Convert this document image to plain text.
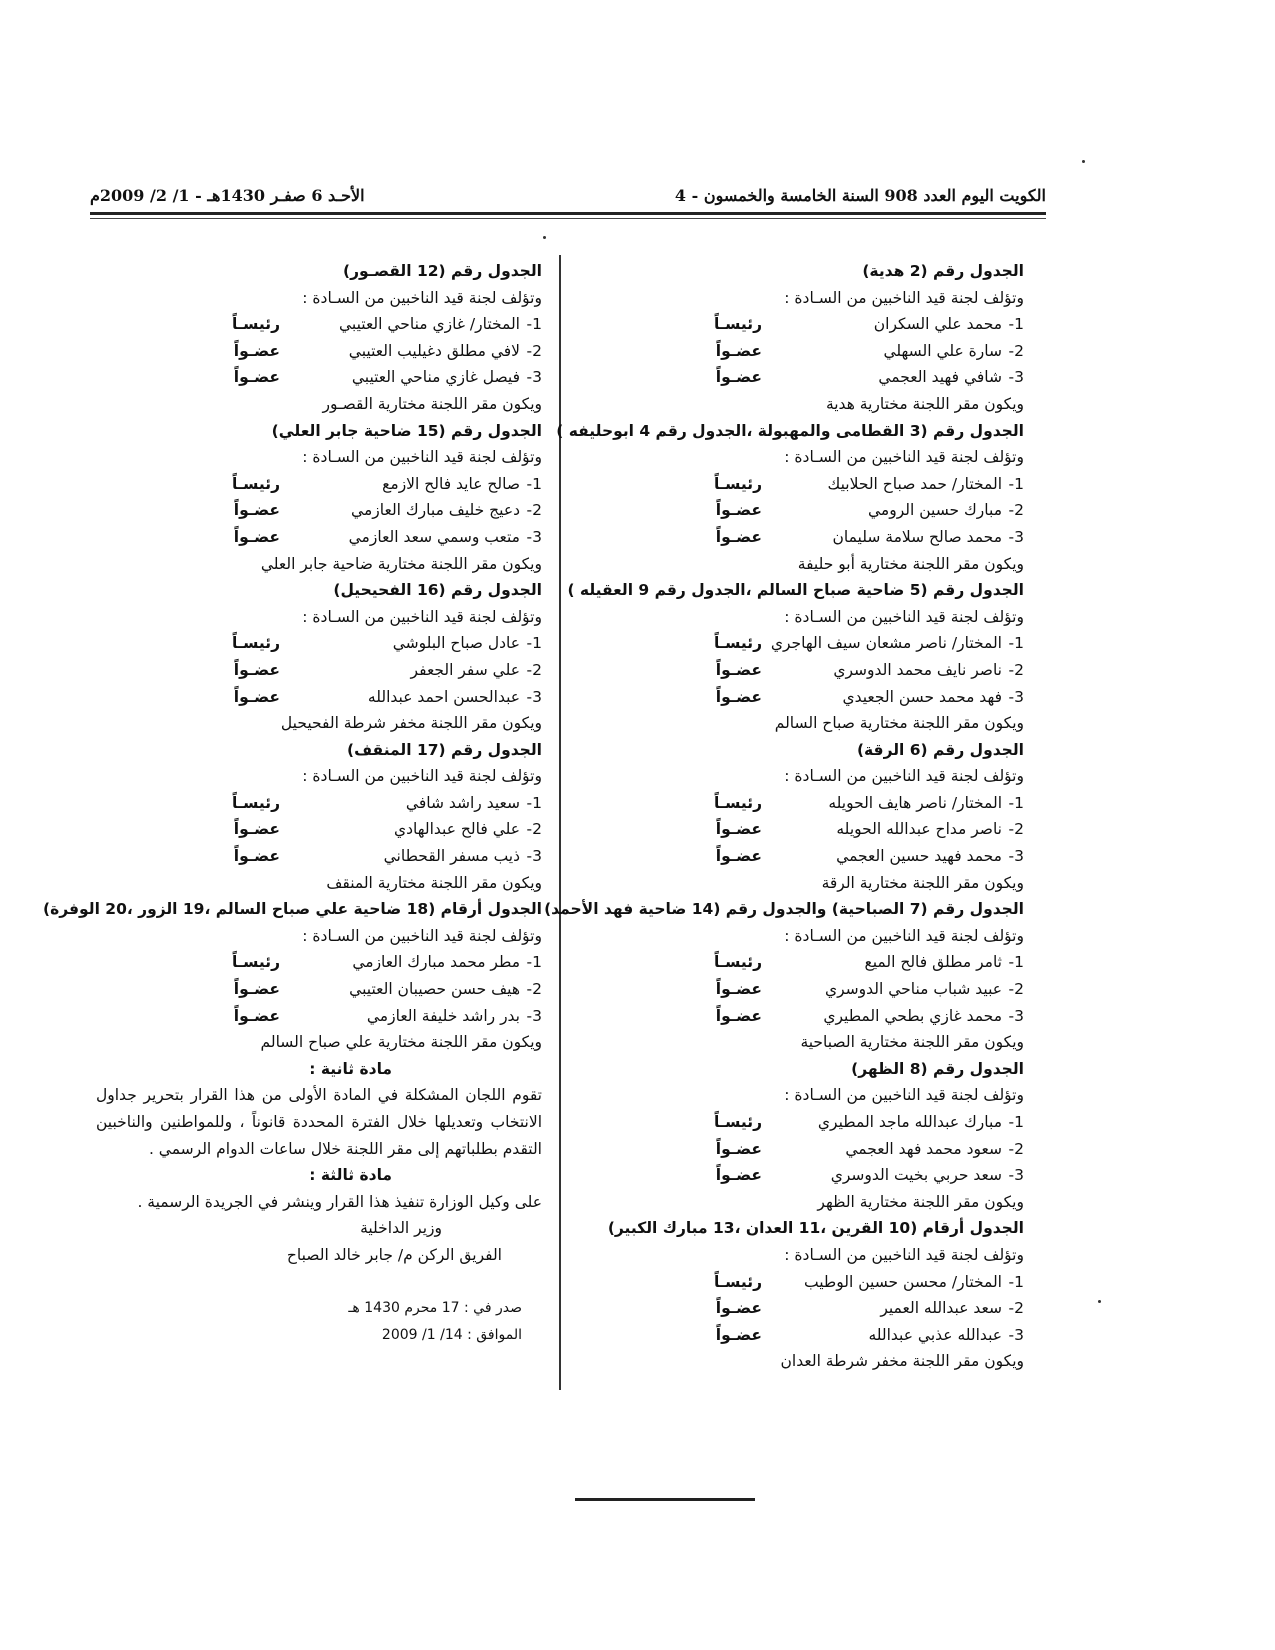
الكويت اليوم العدد 908 السنة الخامسة والخمسون - 4
الأحـد 6 صفـر 1430هـ - 1/ 2/ 2009م
الجدول رقم (2 هدية)
وتؤلف لجنة قيد الناخبين من السـادة :
1-
محمد علي السكران
رئيسـاً
2-
سارة علي السهلي
عضـواً
3-
شافي فهيد العجمي
عضـواً
ويكون مقر اللجنة مختارية هدية
الجدول رقم (3 القطامى والمهبولة ،الجدول رقم 4 ابوحليفه )
وتؤلف لجنة قيد الناخبين من السـادة :
1-
المختار/ حمد صباح الحلابيك
رئيسـاً
2-
مبارك حسين الرومي
عضـواً
3-
محمد صالح سلامة سليمان
عضـواً
ويكون مقر اللجنة مختارية أبو حليفة
الجدول رقم (5 ضاحية صباح السالم ،الجدول رقم 9 العقيله )
وتؤلف لجنة قيد الناخبين من السـادة :
1-
المختار/ ناصر مشعان سيف الهاجري
رئيسـاً
2-
ناصر نايف محمد الدوسري
عضـواً
3-
فهد محمد حسن الجعيدي
عضـواً
ويكون مقر اللجنة مختارية صباح السالم
الجدول رقم (6 الرقة)
وتؤلف لجنة قيد الناخبين من السـادة :
1-
المختار/ ناصر هايف الحويله
رئيسـاً
2-
ناصر مداح عبدالله الحويله
عضـواً
3-
محمد فهيد حسين العجمي
عضـواً
ويكون مقر اللجنة مختارية الرقة
الجدول رقم (7 الصباحية) والجدول رقم (14 ضاحية فهد الأحمد)
وتؤلف لجنة قيد الناخبين من السـادة :
1-
ثامر مطلق فالح الميع
رئيسـاً
2-
عبيد شباب مناحي الدوسري
عضـواً
3-
محمد غازي بطحي المطيري
عضـواً
ويكون مقر اللجنة مختارية الصباحية
الجدول رقم (8 الظهر)
وتؤلف لجنة قيد الناخبين من السـادة :
1-
مبارك عبدالله ماجد المطيري
رئيسـاً
2-
سعود محمد فهد العجمي
عضـواً
3-
سعد حربي بخيت الدوسري
عضـواً
ويكون مقر اللجنة مختارية الظهر
الجدول أرقام (10 القرين ،11 العدان ،13 مبارك الكبير)
وتؤلف لجنة قيد الناخبين من السـادة :
1-
المختار/ محسن حسين الوطيب
رئيسـاً
2-
سعد عبدالله العمير
عضـواً
3-
عبدالله عذبي عبدالله
عضـواً
ويكون مقر اللجنة مخفر شرطة العدان
الجدول رقم (12 القصـور)
وتؤلف لجنة قيد الناخبين من السـادة :
1-
المختار/ غازي مناحي العتيبي
رئيسـاً
2-
لافي مطلق دغيليب العتيبي
عضـواً
3-
فيصل غازي مناحي العتيبي
عضـواً
ويكون مقر اللجنة مختارية القصـور
الجدول رقم (15 ضاحية جابر العلي)
وتؤلف لجنة قيد الناخبين من السـادة :
1-
صالح عايد فالح الازمع
رئيسـاً
2-
دعيج خليف مبارك العازمي
عضـواً
3-
متعب وسمي سعد العازمي
عضـواً
ويكون مقر اللجنة مختارية ضاحية جابر العلي
الجدول رقم (16 الفحيحيل)
وتؤلف لجنة قيد الناخبين من السـادة :
1-
عادل صباح البلوشي
رئيسـاً
2-
علي سفر الجعفر
عضـواً
3-
عبدالحسن احمد عبدالله
عضـواً
ويكون مقر اللجنة مخفر شرطة الفحيحيل
الجدول رقم (17 المنقف)
وتؤلف لجنة قيد الناخبين من السـادة :
1-
سعيد راشد شافي
رئيسـاً
2-
علي فالح عبدالهادي
عضـواً
3-
ذيب مسفر القحطاني
عضـواً
ويكون مقر اللجنة مختارية المنقف
الجدول أرقام (18 ضاحية علي صباح السالم ،19 الزور ،20 الوفرة)
وتؤلف لجنة قيد الناخبين من السـادة :
1-
مطر محمد مبارك العازمي
رئيسـاً
2-
هيف حسن حصيبان العتيبي
عضـواً
3-
بدر راشد خليفة العازمي
عضـواً
ويكون مقر اللجنة مختارية علي صباح السالم
مادة ثانية :
تقوم اللجان المشكلة في المادة الأولى من هذا القرار بتحرير جداول الانتخاب وتعديلها خلال الفترة المحددة قانوناً ، وللمواطنين والناخبين التقدم بطلباتهم إلى مقر اللجنة خلال ساعات الدوام الرسمي .
مادة ثالثة :
على وكيل الوزارة تنفيذ هذا القرار وينشر في الجريدة الرسمية .
وزير الداخلية
الفريق الركن م/ جابر خالد الصباح
صدر في : 17 محرم 1430 هـ
الموافق : 14/ 1/ 2009
